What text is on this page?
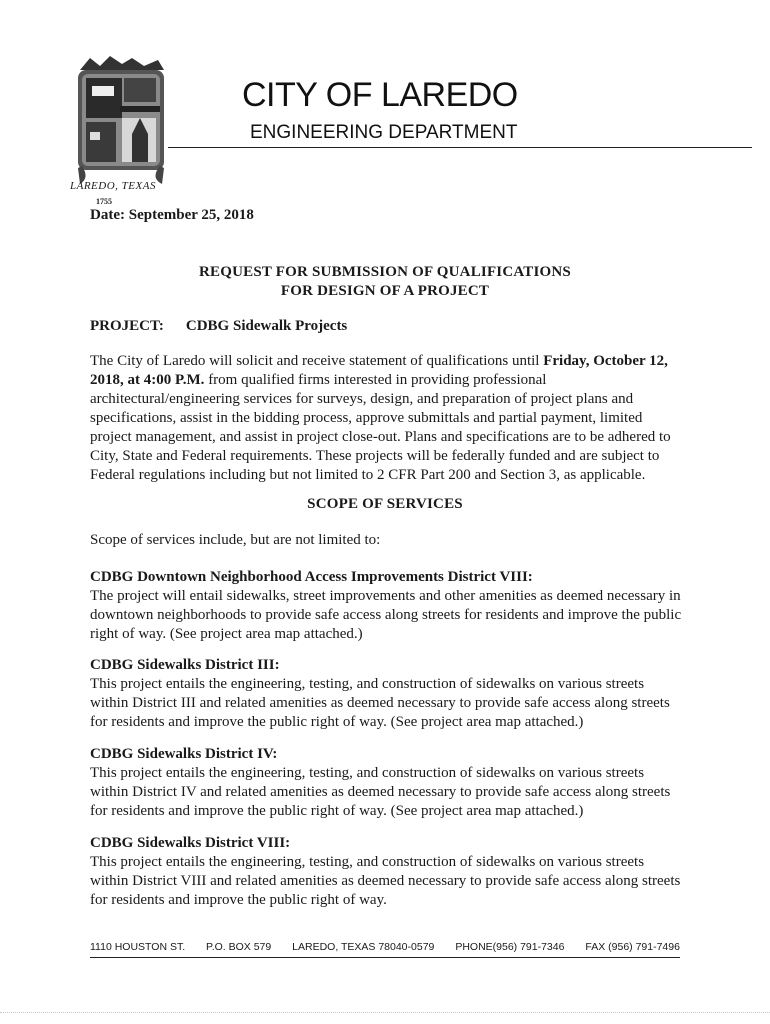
LAREDO, TEXAS
1755
CITY OF LAREDO
ENGINEERING DEPARTMENT
Date: September 25, 2018
REQUEST FOR SUBMISSION OF QUALIFICATIONS
FOR DESIGN OF A PROJECT
PROJECT: CDBG Sidewalk Projects
The City of Laredo will solicit and receive statement of qualifications until Friday, October 12, 2018, at 4:00 P.M. from qualified firms interested in providing professional architectural/engineering services for surveys, design, and preparation of project plans and specifications, assist in the bidding process, approve submittals and partial payment, limited project management, and assist in project close-out. Plans and specifications are to be adhered to City, State and Federal requirements. These projects will be federally funded and are subject to Federal regulations including but not limited to 2 CFR Part 200 and Section 3, as applicable.
SCOPE OF SERVICES
Scope of services include, but are not limited to:
CDBG Downtown Neighborhood Access Improvements District VIII:
The project will entail sidewalks, street improvements and other amenities as deemed necessary in downtown neighborhoods to provide safe access along streets for residents and improve the public right of way. (See project area map attached.)
CDBG Sidewalks District III:
This project entails the engineering, testing, and construction of sidewalks on various streets within District III and related amenities as deemed necessary to provide safe access along streets for residents and improve the public right of way. (See project area map attached.)
CDBG Sidewalks District IV:
This project entails the engineering, testing, and construction of sidewalks on various streets within District IV and related amenities as deemed necessary to provide safe access along streets for residents and improve the public right of way. (See project area map attached.)
CDBG Sidewalks District VIII:
This project entails the engineering, testing, and construction of sidewalks on various streets within District VIII and related amenities as deemed necessary to provide safe access along streets for residents and improve the public right of way.
1110 HOUSTON ST. P.O. BOX 579 LAREDO, TEXAS 78040-0579 PHONE(956) 791-7346 FAX (956) 791-7496
